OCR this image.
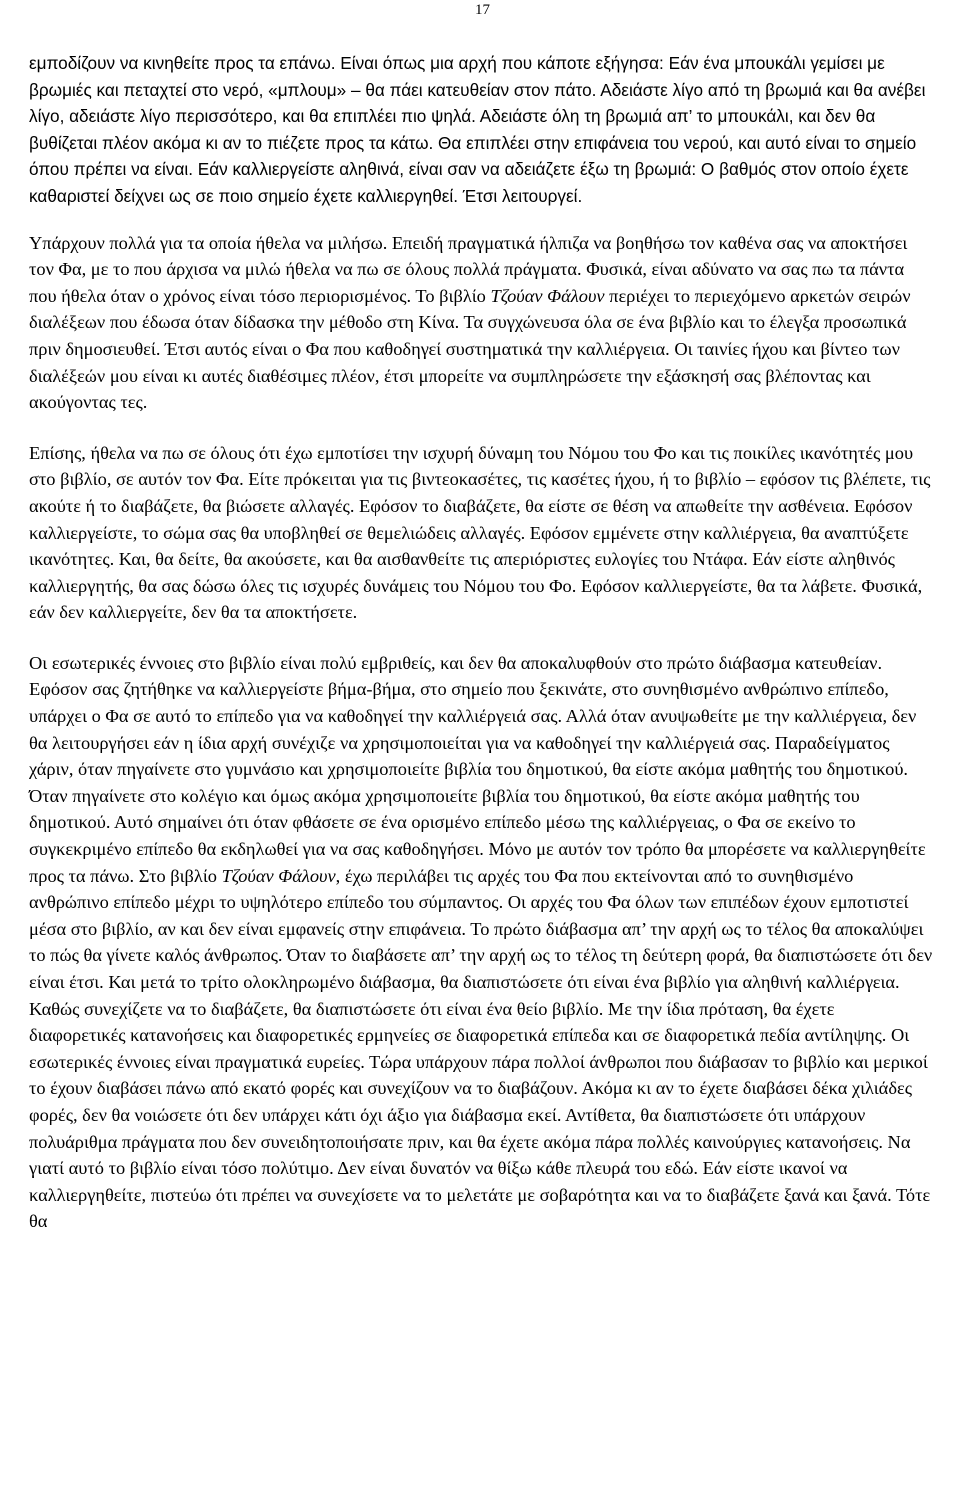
17

εμποδίζουν να κινηθείτε προς τα επάνω. Είναι όπως μια αρχή που κάποτε εξήγησα: Εάν ένα μπουκάλι γεμίσει με βρωμιές και πεταχτεί στο νερό, «μπλουμ» – θα πάει κατευθείαν στον πάτο. Αδειάστε λίγο από τη βρωμιά και θα ανέβει λίγο, αδειάστε λίγο περισσότερο, και θα επιπλέει πιο ψηλά. Αδειάστε όλη τη βρωμιά απ’ το μπουκάλι, και δεν θα βυθίζεται πλέον ακόμα κι αν το πιέζετε προς τα κάτω. Θα επιπλέει στην επιφάνεια του νερού, και αυτό είναι το σημείο όπου πρέπει να είναι. Εάν καλλιεργείστε αληθινά, είναι σαν να αδειάζετε έξω τη βρωμιά: Ο βαθμός στον οποίο έχετε καθαριστεί δείχνει ως σε ποιο σημείο έχετε καλλιεργηθεί. Έτσι λειτουργεί.

Υπάρχουν πολλά για τα οποία ήθελα να μιλήσω. Επειδή πραγματικά ήλπιζα να βοηθήσω τον καθένα σας να αποκτήσει τον Φα, με το που άρχισα να μιλώ ήθελα να πω σε όλους πολλά πράγματα. Φυσικά, είναι αδύνατο να σας πω τα πάντα που ήθελα όταν ο χρόνος είναι τόσο περιορισμένος. Το βιβλίο Τζούαν Φάλουν περιέχει το περιεχόμενο αρκετών σειρών διαλέξεων που έδωσα όταν δίδασκα την μέθοδο στη Κίνα. Τα συγχώνευσα όλα σε ένα βιβλίο και το έλεγξα προσωπικά πριν δημοσιευθεί. Έτσι αυτός είναι ο Φα που καθοδηγεί συστηματικά την καλλιέργεια. Οι ταινίες ήχου και βίντεο των διαλέξεών μου είναι κι αυτές διαθέσιμες πλέον, έτσι μπορείτε να συμπληρώσετε την εξάσκησή σας βλέποντας και ακούγοντας τες.

Επίσης, ήθελα να πω σε όλους ότι έχω εμποτίσει την ισχυρή δύναμη του Νόμου του Φο και τις ποικίλες ικανότητές μου στο βιβλίο, σε αυτόν τον Φα. Είτε πρόκειται για τις βιντεοκασέτες, τις κασέτες ήχου, ή το βιβλίο – εφόσον τις βλέπετε, τις ακούτε ή το διαβάζετε, θα βιώσετε αλλαγές. Εφόσον το διαβάζετε, θα είστε σε θέση να απωθείτε την ασθένεια. Εφόσον καλλιεργείστε, το σώμα σας θα υποβληθεί σε θεμελιώδεις αλλαγές. Εφόσον εμμένετε στην καλλιέργεια, θα αναπτύξετε ικανότητες. Και, θα δείτε, θα ακούσετε, και θα αισθανθείτε τις απεριόριστες ευλογίες του Ντάφα. Εάν είστε αληθινός καλλιεργητής, θα σας δώσω όλες τις ισχυρές δυνάμεις του Νόμου του Φο. Εφόσον καλλιεργείστε, θα τα λάβετε. Φυσικά, εάν δεν καλλιεργείτε, δεν θα τα αποκτήσετε.

Οι εσωτερικές έννοιες στο βιβλίο είναι πολύ εμβριθείς, και δεν θα αποκαλυφθούν στο πρώτο διάβασμα κατευθείαν. Εφόσον σας ζητήθηκε να καλλιεργείστε βήμα-βήμα, στο σημείο που ξεκινάτε, στο συνηθισμένο ανθρώπινο επίπεδο, υπάρχει ο Φα σε αυτό το επίπεδο για να καθοδηγεί την καλλιέργειά σας. Αλλά όταν ανυψωθείτε με την καλλιέργεια, δεν θα λειτουργήσει εάν η ίδια αρχή συνέχιζε να χρησιμοποιείται για να καθοδηγεί την καλλιέργειά σας. Παραδείγματος χάριν, όταν πηγαίνετε στο γυμνάσιο και χρησιμοποιείτε βιβλία του δημοτικού, θα είστε ακόμα μαθητής του δημοτικού. Όταν πηγαίνετε στο κολέγιο και όμως ακόμα χρησιμοποιείτε βιβλία του δημοτικού, θα είστε ακόμα μαθητής του δημοτικού. Αυτό σημαίνει ότι όταν φθάσετε σε ένα ορισμένο επίπεδο μέσω της καλλιέργειας, ο Φα σε εκείνο το συγκεκριμένο επίπεδο θα εκδηλωθεί για να σας καθοδηγήσει. Μόνο με αυτόν τον τρόπο θα μπορέσετε να καλλιεργηθείτε προς τα πάνω. Στο βιβλίο Τζούαν Φάλουν, έχω περιλάβει τις αρχές του Φα που εκτείνονται από το συνηθισμένο ανθρώπινο επίπεδο μέχρι το υψηλότερο επίπεδο του σύμπαντος. Οι αρχές του Φα όλων των επιπέδων έχουν εμποτιστεί μέσα στο βιβλίο, αν και δεν είναι εμφανείς στην επιφάνεια. Το πρώτο διάβασμα απ’ την αρχή ως το τέλος θα αποκαλύψει το πώς θα γίνετε καλός άνθρωπος. Όταν το διαβάσετε απ’ την αρχή ως το τέλος τη δεύτερη φορά, θα διαπιστώσετε ότι δεν είναι έτσι. Και μετά το τρίτο ολοκληρωμένο διάβασμα, θα διαπιστώσετε ότι είναι ένα βιβλίο για αληθινή καλλιέργεια. Καθώς συνεχίζετε να το διαβάζετε, θα διαπιστώσετε ότι είναι ένα θείο βιβλίο. Με την ίδια πρόταση, θα έχετε διαφορετικές κατανοήσεις και διαφορετικές ερμηνείες σε διαφορετικά επίπεδα και σε διαφορετικά πεδία αντίληψης. Οι εσωτερικές έννοιες είναι πραγματικά ευρείες. Τώρα υπάρχουν πάρα πολλοί άνθρωποι που διάβασαν το βιβλίο και μερικοί το έχουν διαβάσει πάνω από εκατό φορές και συνεχίζουν να το διαβάζουν. Ακόμα κι αν το έχετε διαβάσει δέκα χιλιάδες φορές, δεν θα νοιώσετε ότι δεν υπάρχει κάτι όχι άξιο για διάβασμα εκεί. Αντίθετα, θα διαπιστώσετε ότι υπάρχουν πολυάριθμα πράγματα που δεν συνειδητοποιήσατε πριν, και θα έχετε ακόμα πάρα πολλές καινούργιες κατανοήσεις. Να γιατί αυτό το βιβλίο είναι τόσο πολύτιμο. Δεν είναι δυνατόν να θίξω κάθε πλευρά του εδώ. Εάν είστε ικανοί να καλλιεργηθείτε, πιστεύω ότι πρέπει να συνεχίσετε να το μελετάτε με σοβαρότητα και να το διαβάζετε ξανά και ξανά. Τότε θα
